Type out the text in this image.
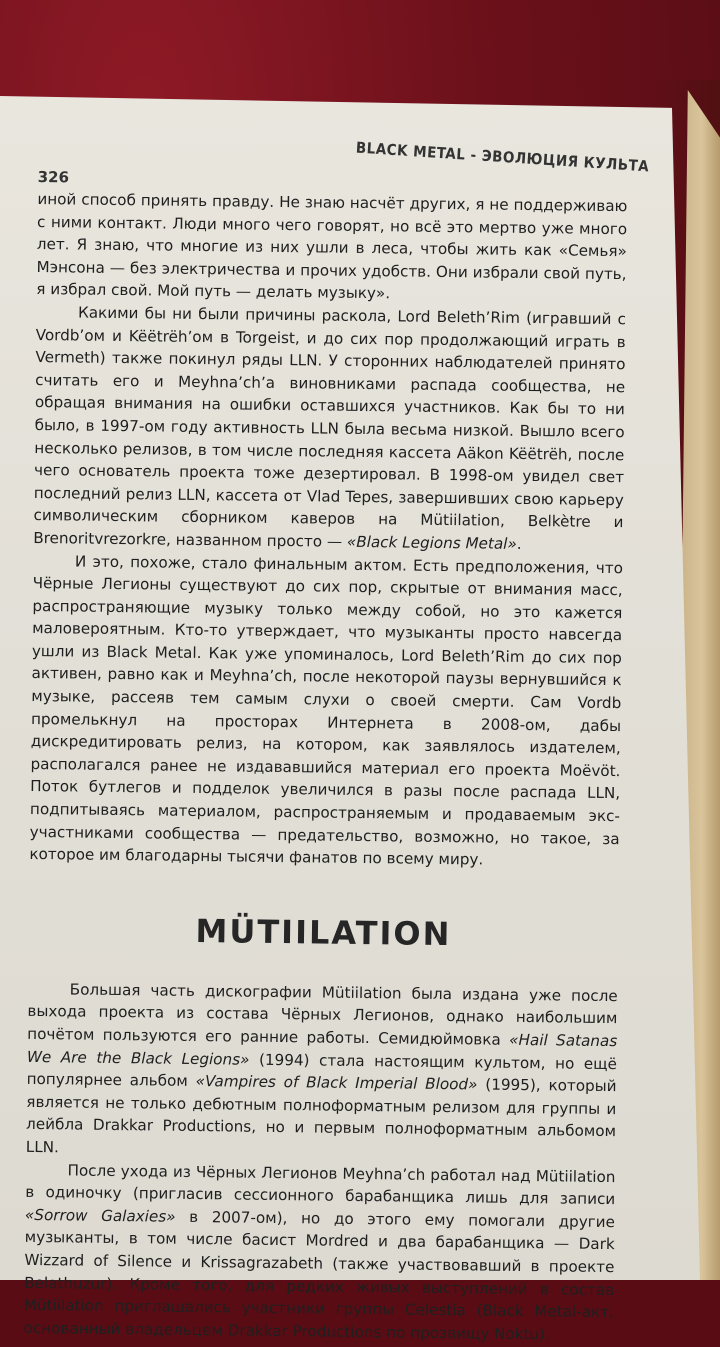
326
BLACK METAL - ЭВОЛЮЦИЯ КУЛЬТА

иной способ принять правду. Не знаю насчёт других, я не поддерживаю с ними контакт. Люди много чего говорят, но всё это мертво уже много лет. Я знаю, что многие из них ушли в леса, чтобы жить как «Семья» Мэнсона — без электричества и прочих удобств. Они избрали свой путь, я избрал свой. Мой путь — делать музыку».

Какими бы ни были причины раскола, Lord Beleth’Rim (игравший с Vordb’ом и Këëtrëh’ом в Torgeist, и до сих пор продолжающий играть в Vermeth) также покинул ряды LLN. У сторонних наблюдателей принято считать его и Meyhna’ch’a виновниками распада сообщества, не обращая внимания на ошибки оставшихся участников. Как бы то ни было, в 1997-ом году активность LLN была весьма низкой. Вышло всего несколько релизов, в том числе последняя кассета Aäkon Këëtrëh, после чего основатель проекта тоже дезертировал. В 1998-ом увидел свет последний релиз LLN, кассета от Vlad Tepes, завершивших свою карьеру символическим сборником каверов на Mütiilation, Belkètre и Brenoritvrezorkre, названном просто — «Black Legions Metal».

И это, похоже, стало финальным актом. Есть предположения, что Чёрные Легионы существуют до сих пор, скрытые от внимания масс, распространяющие музыку только между собой, но это кажется маловероятным. Кто-то утверждает, что музыканты просто навсегда ушли из Black Metal. Как уже упоминалось, Lord Beleth’Rim до сих пор активен, равно как и Meyhna’ch, после некоторой паузы вернувшийся к музыке, рассеяв тем самым слухи о своей смерти. Сам Vordb промелькнул на просторах Интернета в 2008-ом, дабы дискредитировать релиз, на котором, как заявлялось издателем, располагался ранее не издававшийся материал его проекта Moëvöt. Поток бутлегов и подделок увеличился в разы после распада LLN, подпитываясь материалом, распространяемым и продаваемым экс-участниками сообщества — предательство, возможно, но такое, за которое им благодарны тысячи фанатов по всему миру.

MÜTIILATION

Большая часть дискографии Mütiilation была издана уже после выхода проекта из состава Чёрных Легионов, однако наибольшим почётом пользуются его ранние работы. Семидюймовка «Hail Satanas We Are the Black Legions» (1994) стала настоящим культом, но ещё популярнее альбом «Vampires of Black Imperial Blood» (1995), который является не только дебютным полноформатным релизом для группы и лейбла Drakkar Productions, но и первым полноформатным альбомом LLN.

После ухода из Чёрных Легионов Meyhna’ch работал над Mütiilation в одиночку (пригласив сессионного барабанщика лишь для записи «Sorrow Galaxies» в 2007-ом), но до этого ему помогали другие музыканты, в том числе басист Mordred и два барабанщика — Dark Wizzard of Silence и Krissagrazabeth (также участвовавший в проекте Belathuzur). Кроме того, для редких живых выступлений в состав Mütiilation приглашались участники группы Celestia (Black Metal-акт, основанный владельцем Drakkar Productions по прозвищу Noktu).
